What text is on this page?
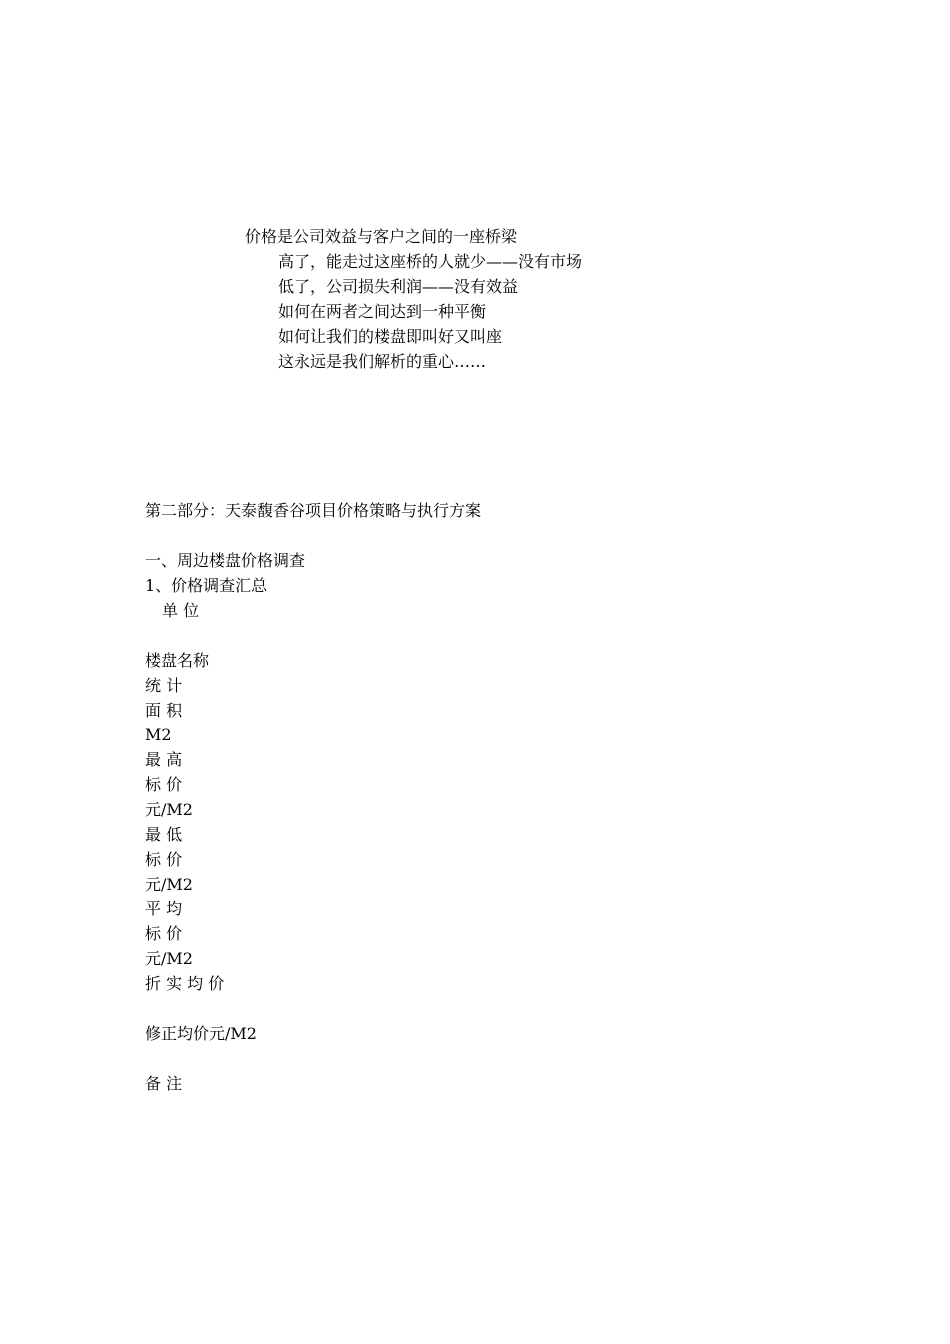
价格是公司效益与客户之间的一座桥梁
高了，能走过这座桥的人就少——没有市场
低了，公司损失利润——没有效益
如何在两者之间达到一种平衡
如何让我们的楼盘即叫好又叫座
这永远是我们解析的重心……
第二部分：天泰馥香谷项目价格策略与执行方案
一、周边楼盘价格调查
1、价格调查汇总
单 位
楼盘名称
统 计
面 积
M2
最 高
标 价
元/M2
最 低
标 价
元/M2
平 均
标 价
元/M2
折 实 均 价
修正均价元/M2
备 注
